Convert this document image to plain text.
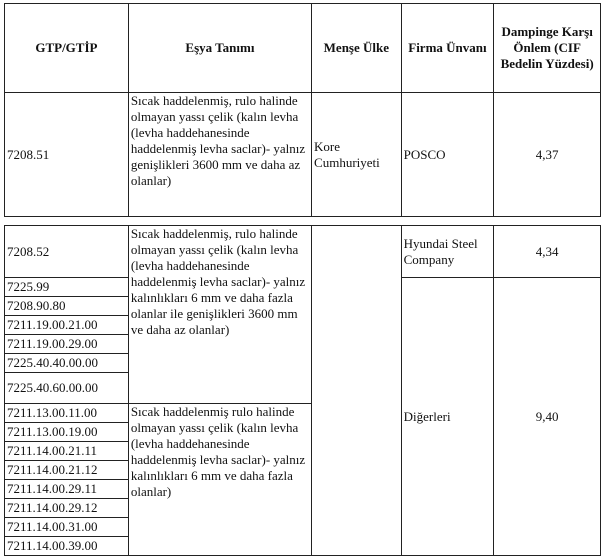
GTP/GTİP	Eşya Tanımı	Menşe Ülke	Firma Ünvanı	Dampinge Karşı Önlem (CIF Bedelin Yüzdesi)
7208.51	Sıcak haddelenmiş, rulo halinde olmayan yassı çelik (kalın levha (levha haddehanesinde haddelenmiş levha saclar)- yalnız genişlikleri 3600 mm ve daha az olanlar)	Kore Cumhuriyeti	POSCO	4,37
7208.52	Sıcak haddelenmiş, rulo halinde olmayan yassı çelik (kalın levha (levha haddehanesinde haddelenmiş levha saclar)- yalnız kalınlıkları 6 mm ve daha fazla olanlar ile genişlikleri 3600 mm ve daha az olanlar)		Hyundai Steel Company	4,34
7225.99			Diğerleri	9,40
7208.90.80				
7211.19.00.21.00				
7211.19.00.29.00				
7225.40.40.00.00				
7225.40.60.00.00				
7211.13.00.11.00	Sıcak haddelenmiş rulo halinde olmayan yassı çelik (kalın levha (levha haddehanesinde haddelenmiş levha saclar)- yalnız kalınlıkları 6 mm ve daha fazla olanlar)			
7211.13.00.19.00				
7211.14.00.21.11				
7211.14.00.21.12				
7211.14.00.29.11				
7211.14.00.29.12				
7211.14.00.31.00				
7211.14.00.39.00				
